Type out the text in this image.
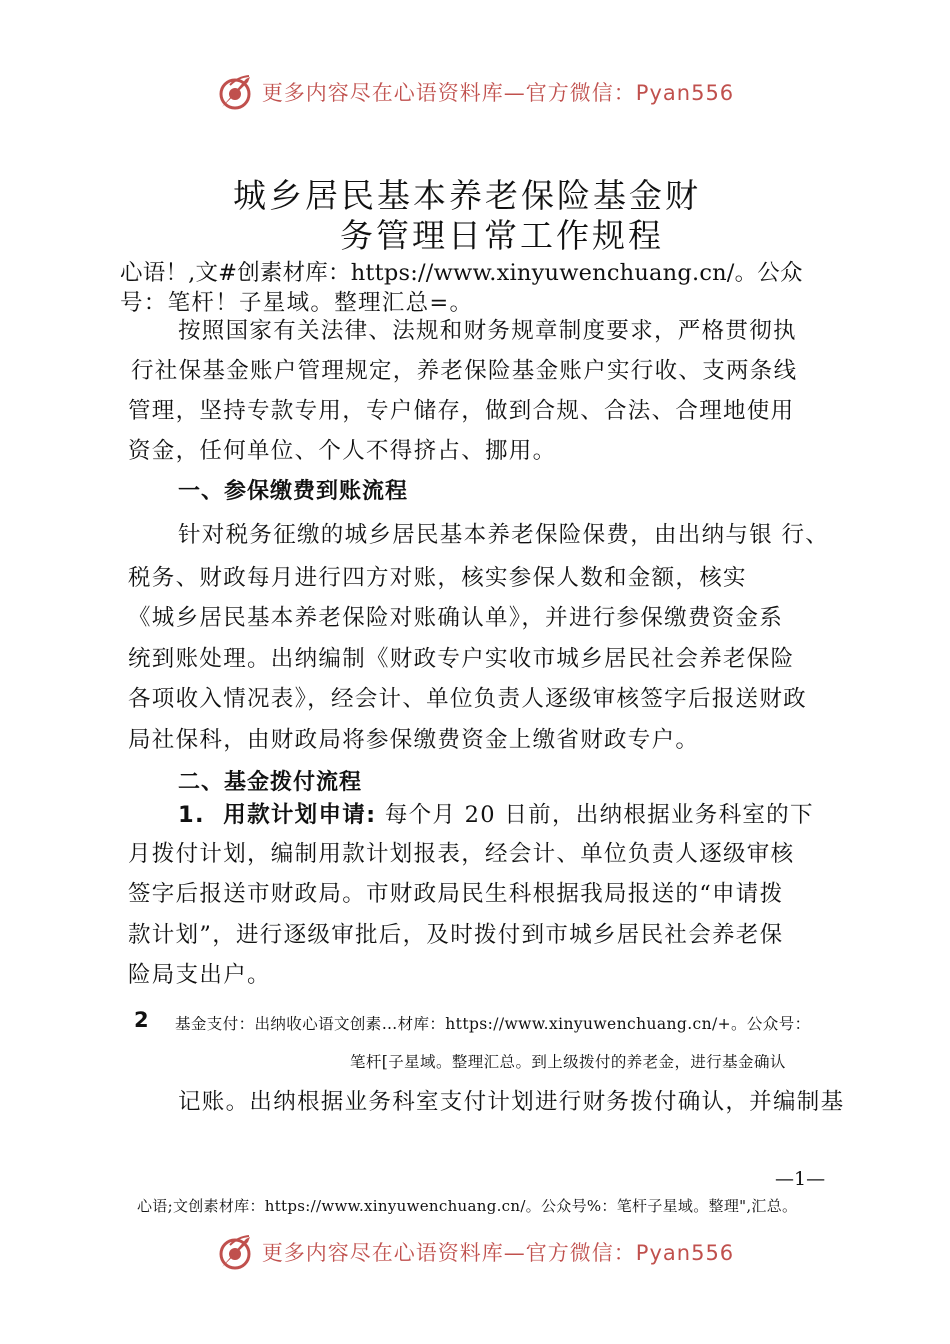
更多内容尽在心语资料库—官方微信：Pyan556
城乡居民基本养老保险基金财
务管理日常工作规程
心语！,文#创素材库：https://www.xinyuwenchuang.cn/。公众
号：笔杆！子星域。整理汇总=。
按照国家有关法律、法规和财务规章制度要求，严格贯彻执
行社保基金账户管理规定，养老保险基金账户实行收、支两条线
管理，坚持专款专用，专户储存，做到合规、合法、合理地使用
资金，任何单位、个人不得挤占、挪用。
一、参保缴费到账流程
针对税务征缴的城乡居民基本养老保险保费，由出纳与银 行、
税务、财政每月进行四方对账，核实参保人数和金额，核实
《城乡居民基本养老保险对账确认单》，并进行参保缴费资金系
统到账处理。出纳编制《财政专户实收市城乡居民社会养老保险
各项收入情况表》，经会计、单位负责人逐级审核签字后报送财政
局社保科，由财政局将参保缴费资金上缴省财政专户。
二、基金拨付流程
1. 用款计划申请: 每个月 20 日前，出纳根据业务科室的下
月拨付计划，编制用款计划报表，经会计、单位负责人逐级审核
签字后报送市财政局。市财政局民生科根据我局报送的“申请拨
款计划”，进行逐级审批后，及时拨付到市城乡居民社会养老保
险局支出户。
2 基金支付：出纳收心语文创素…材库：https://www.xinyuwenchuang.cn/+。公众号：
笔杆[子星域。整理汇总。到上级拨付的养老金，进行基金确认
记账。出纳根据业务科室支付计划进行财务拨付确认，并编制基
—1—
心语;文创素材库：https://www.xinyuwenchuang.cn/。公众号%：笔杆子星域。整理",汇总。
更多内容尽在心语资料库—官方微信：Pyan556
